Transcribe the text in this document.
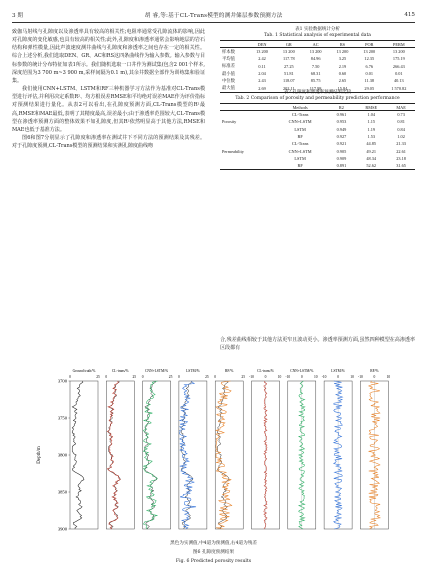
3 期	胡 睿,等:基于CL-Trans模型的测井储层参数预测方法	415

致伽马射线与孔隙度以及渗透率具有较高的相关性;电阻率通常受孔隙流体的影响,因此对孔隙度的变化敏感,也具有较高的相关性;此外,孔隙度和渗透率通常会影响地层的岩石结构和弹性模量,因此声波速度测井曲线与孔隙度和渗透率之间也存在一定的相关性。综合上述分析,我们选取DEN、GR、AC和RS这四条曲线作为输入参数。输入参数与目标参数的统计分布特征如表1所示。我们随机选取一口井作为测试集(包含2 001个样本,深度范围为3 700 m~3 900 m,采样间隔为0.1 m),其余井数据全部作为训练集和验证集。

我们使用CNN+LSTM、LSTM和RF三种机器学习方法作为基准对CL-Trans模型进行评估,并利用决定系数R²、均方根误差RMSE和平均绝对误差MAE作为评价指标对预测结果进行量化。从表2可以看出,在孔隙度预测方面,CL-Trans模型的R²最高,RMSE和MAE最低,表明了其精度最高,误差最小;由于渗透率范围较大,CL-Trans模型在渗透率预测方面的整体效果不如孔隙度,但其R²依然明显高于其他方法,RMSE和MAE也低于基准方法。

图6和图7分别显示了孔隙度和渗透率在测试井下不同方法的预测结果及其残差。对于孔隙度预测,CL-Trans模型的预测结果和实测孔隙度曲线吻

表1 实验数据统计分析
Tab. 1 Statistical analysis of experimental data
	DEN	GR	AC	RS	POR	PERM
样本数	13 200	13 200	13 200	13 200	13 200	13 200
平均值	2.42	117.78	84.96	3.25	12.35	175.19
标准差	0.11	27.25	7.50	2.19	6.76	266.43
最小值	2.04	51.81	68.31	0.60	0.01	0.01
中位数	2.43	118.07	85.75	2.65	11.38	40.13
最大值	2.69	202.11	117.98	15.84	29.05	1 570.82
表2 孔隙度和渗透率预测结果比较
Tab. 2 Comparison of porosity and permeability prediction performance
	Methods	R2	RMSE	MAE
	CL-Trans	0.961	1.04	0.73
Porosity	CNN+LSTM	0.953	1.15	0.81
	LSTM	0.949	1.19	0.84
	RF	0.927	1.53	1.02
	CL-Trans	0.921	44.85	21.33
Permeability	CNN+LSTM	0.905	49.21	22.61
	LSTM	0.909	48.34	23.18
	RF	0.891	52.62	31.65

合,残差曲线相较于其他方法更窄且波动更小。渗透率预测方面,虽然四种模型在高渗透率区段都有

Depth/m
3700
3750
3800
3850
3900
Ground truth/%
0	25
CL-trans/%
0	25
CNN+LSTM/%
0	25
LSTM/%
0	25
RF/%
0	25
CL-trans/%
-10	0	10
CNN+LSTM/%
-10	0	10
LSTM/%
-10	0	10
RF/%
-10	0	10
黑色为实测值,中4道为预测值,右4道为残差
图6 孔隙度预测结果
Fig. 6 Predicted porosity results
